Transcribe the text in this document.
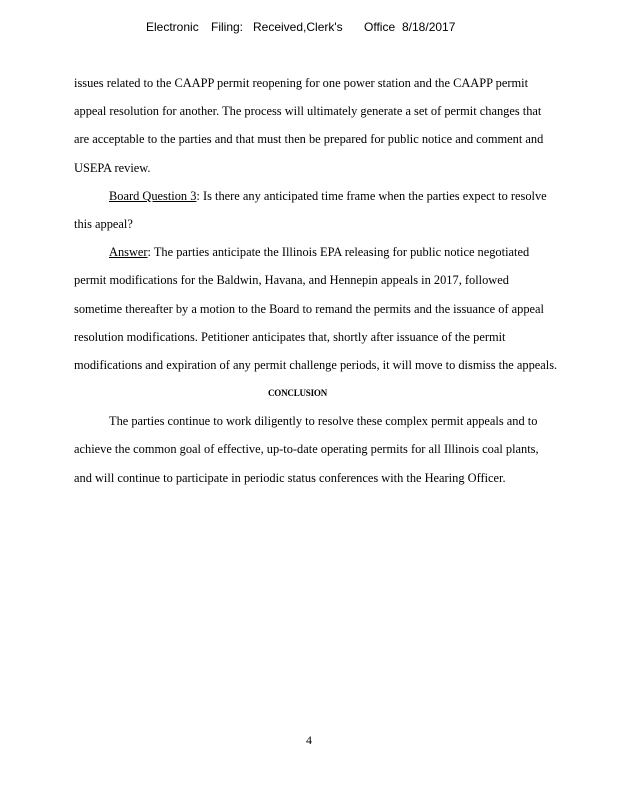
Electronic Filing: Received,Clerk's Office 8/18/2017
issues related to the CAAPP permit reopening for one power station and the CAAPP permit
appeal resolution for another. The process will ultimately generate a set of permit changes that
are acceptable to the parties and that must then be prepared for public notice and comment and
USEPA review.
Board Question 3: Is there any anticipated time frame when the parties expect to resolve
this appeal?
Answer: The parties anticipate the Illinois EPA releasing for public notice negotiated
permit modifications for the Baldwin, Havana, and Hennepin appeals in 2017, followed
sometime thereafter by a motion to the Board to remand the permits and the issuance of appeal
resolution modifications. Petitioner anticipates that, shortly after issuance of the permit
modifications and expiration of any permit challenge periods, it will move to dismiss the appeals.
CONCLUSION
The parties continue to work diligently to resolve these complex permit appeals and to
achieve the common goal of effective, up-to-date operating permits for all Illinois coal plants,
and will continue to participate in periodic status conferences with the Hearing Officer.
4
